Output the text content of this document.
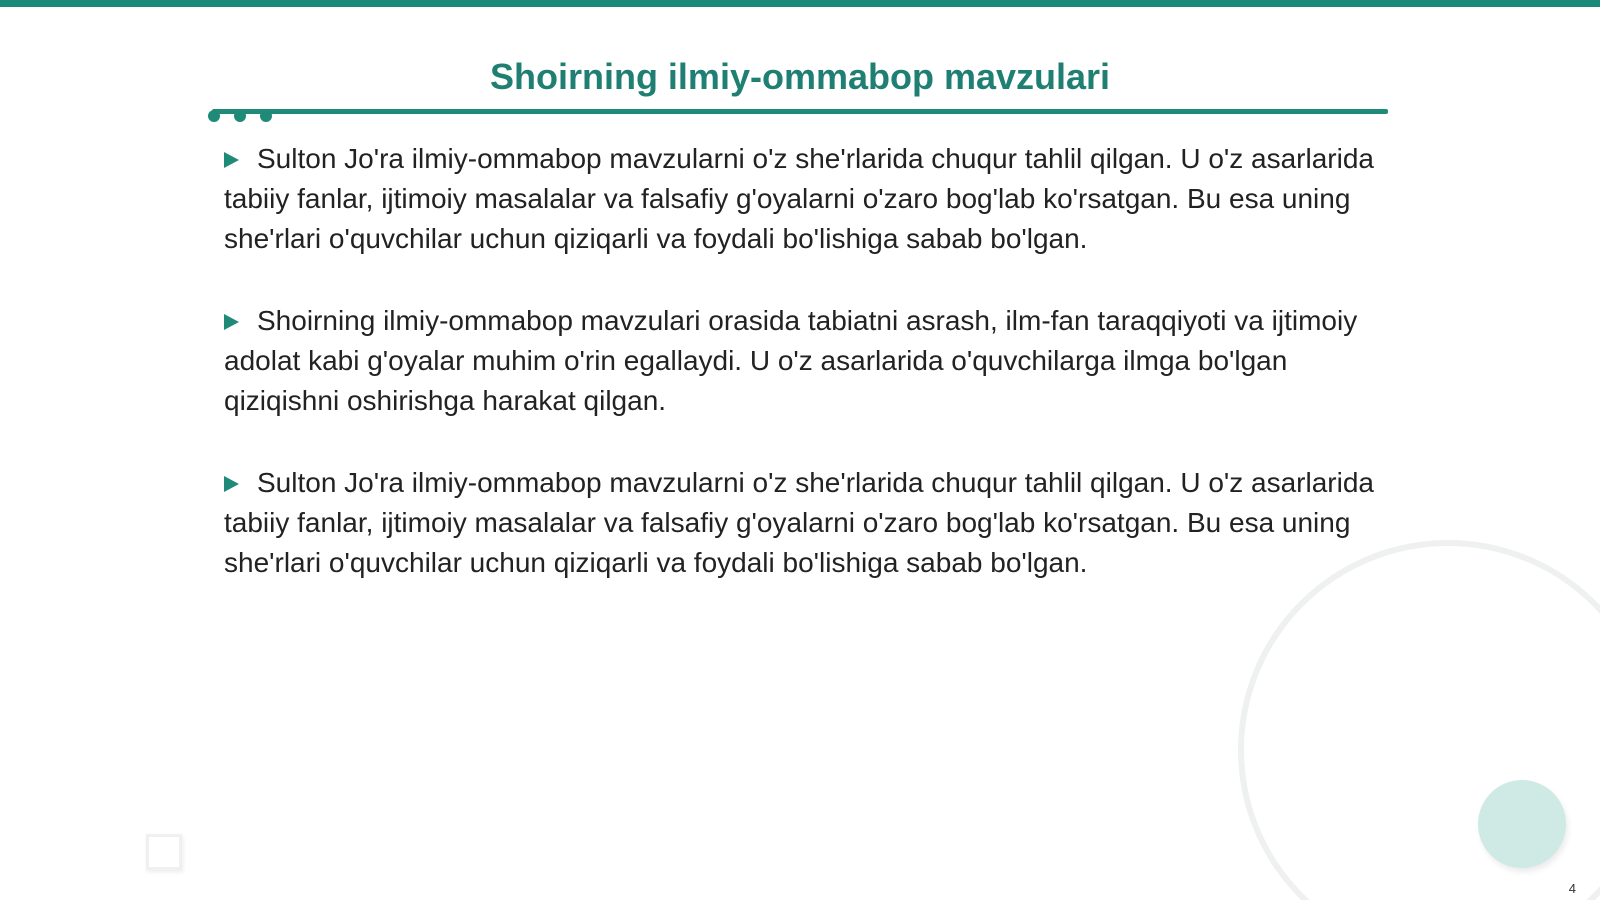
Shoirning ilmiy-ommabop mavzulari
Sulton Jo'ra ilmiy-ommabop mavzularni o'z she'rlarida chuqur tahlil qilgan. U o'z asarlarida tabiiy fanlar, ijtimoiy masalalar va falsafiy g'oyalarni o'zaro bog'lab ko'rsatgan. Bu esa uning she'rlari o'quvchilar uchun qiziqarli va foydali bo'lishiga sabab bo'lgan.
Shoirning ilmiy-ommabop mavzulari orasida tabiatni asrash, ilm-fan taraqqiyoti va ijtimoiy adolat kabi g'oyalar muhim o'rin egallaydi. U o'z asarlarida o'quvchilarga ilmga bo'lgan qiziqishni oshirishga harakat qilgan.
Sulton Jo'ra ilmiy-ommabop mavzularni o'z she'rlarida chuqur tahlil qilgan. U o'z asarlarida tabiiy fanlar, ijtimoiy masalalar va falsafiy g'oyalarni o'zaro bog'lab ko'rsatgan. Bu esa uning she'rlari o'quvchilar uchun qiziqarli va foydali bo'lishiga sabab bo'lgan.
4
